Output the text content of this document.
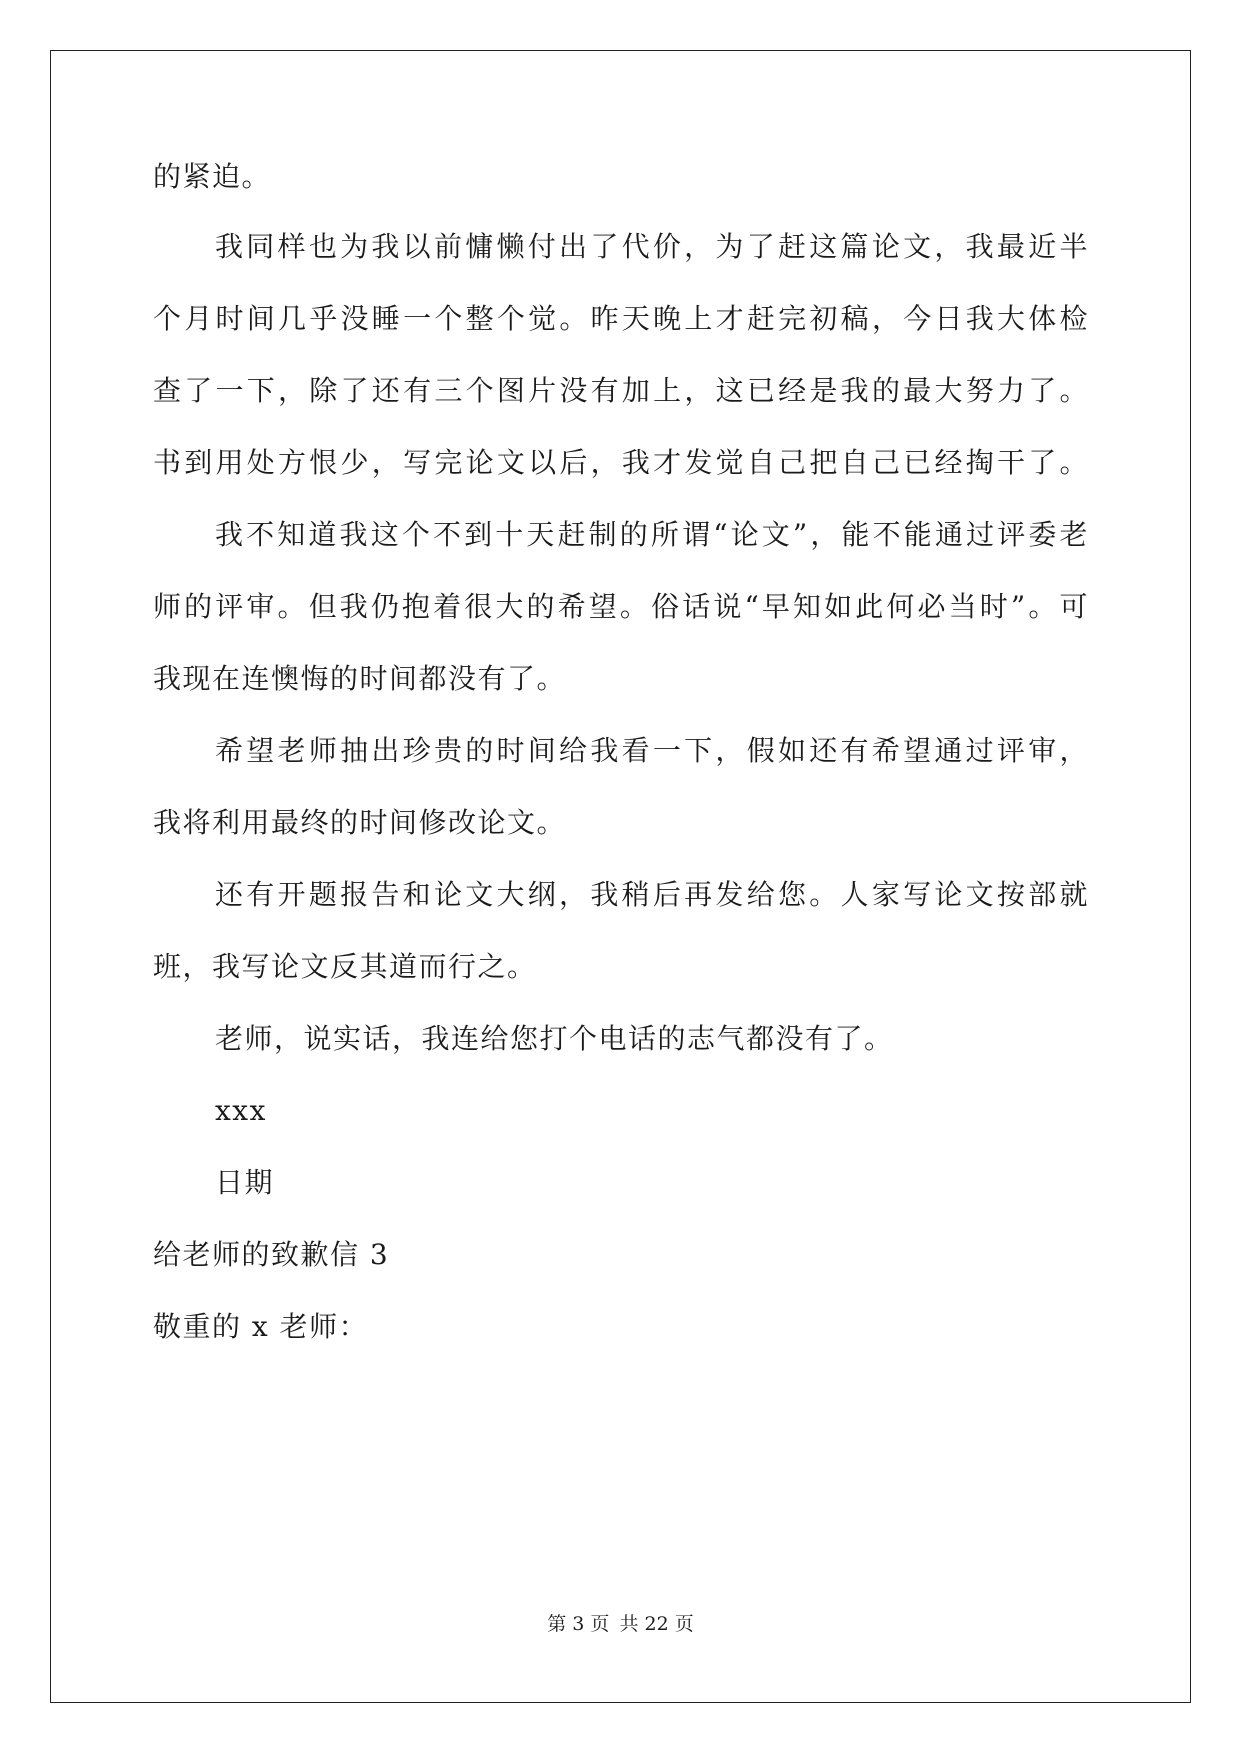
的紧迫。
我同样也为我以前慵懒付出了代价，为了赶这篇论文，我最近半
个月时间几乎没睡一个整个觉。昨天晚上才赶完初稿，今日我大体检
查了一下，除了还有三个图片没有加上，这已经是我的最大努力了。
书到用处方恨少，写完论文以后，我才发觉自己把自己已经掏干了。
我不知道我这个不到十天赶制的所谓“论文”，能不能通过评委老
师的评审。但我仍抱着很大的希望。俗话说“早知如此何必当时”。可
我现在连懊悔的时间都没有了。
希望老师抽出珍贵的时间给我看一下，假如还有希望通过评审，
我将利用最终的时间修改论文。
还有开题报告和论文大纲，我稍后再发给您。人家写论文按部就
班，我写论文反其道而行之。
老师，说实话，我连给您打个电话的志气都没有了。
xxx
日期
给老师的致歉信 3
敬重的 x 老师：
第 3 页 共 22 页
